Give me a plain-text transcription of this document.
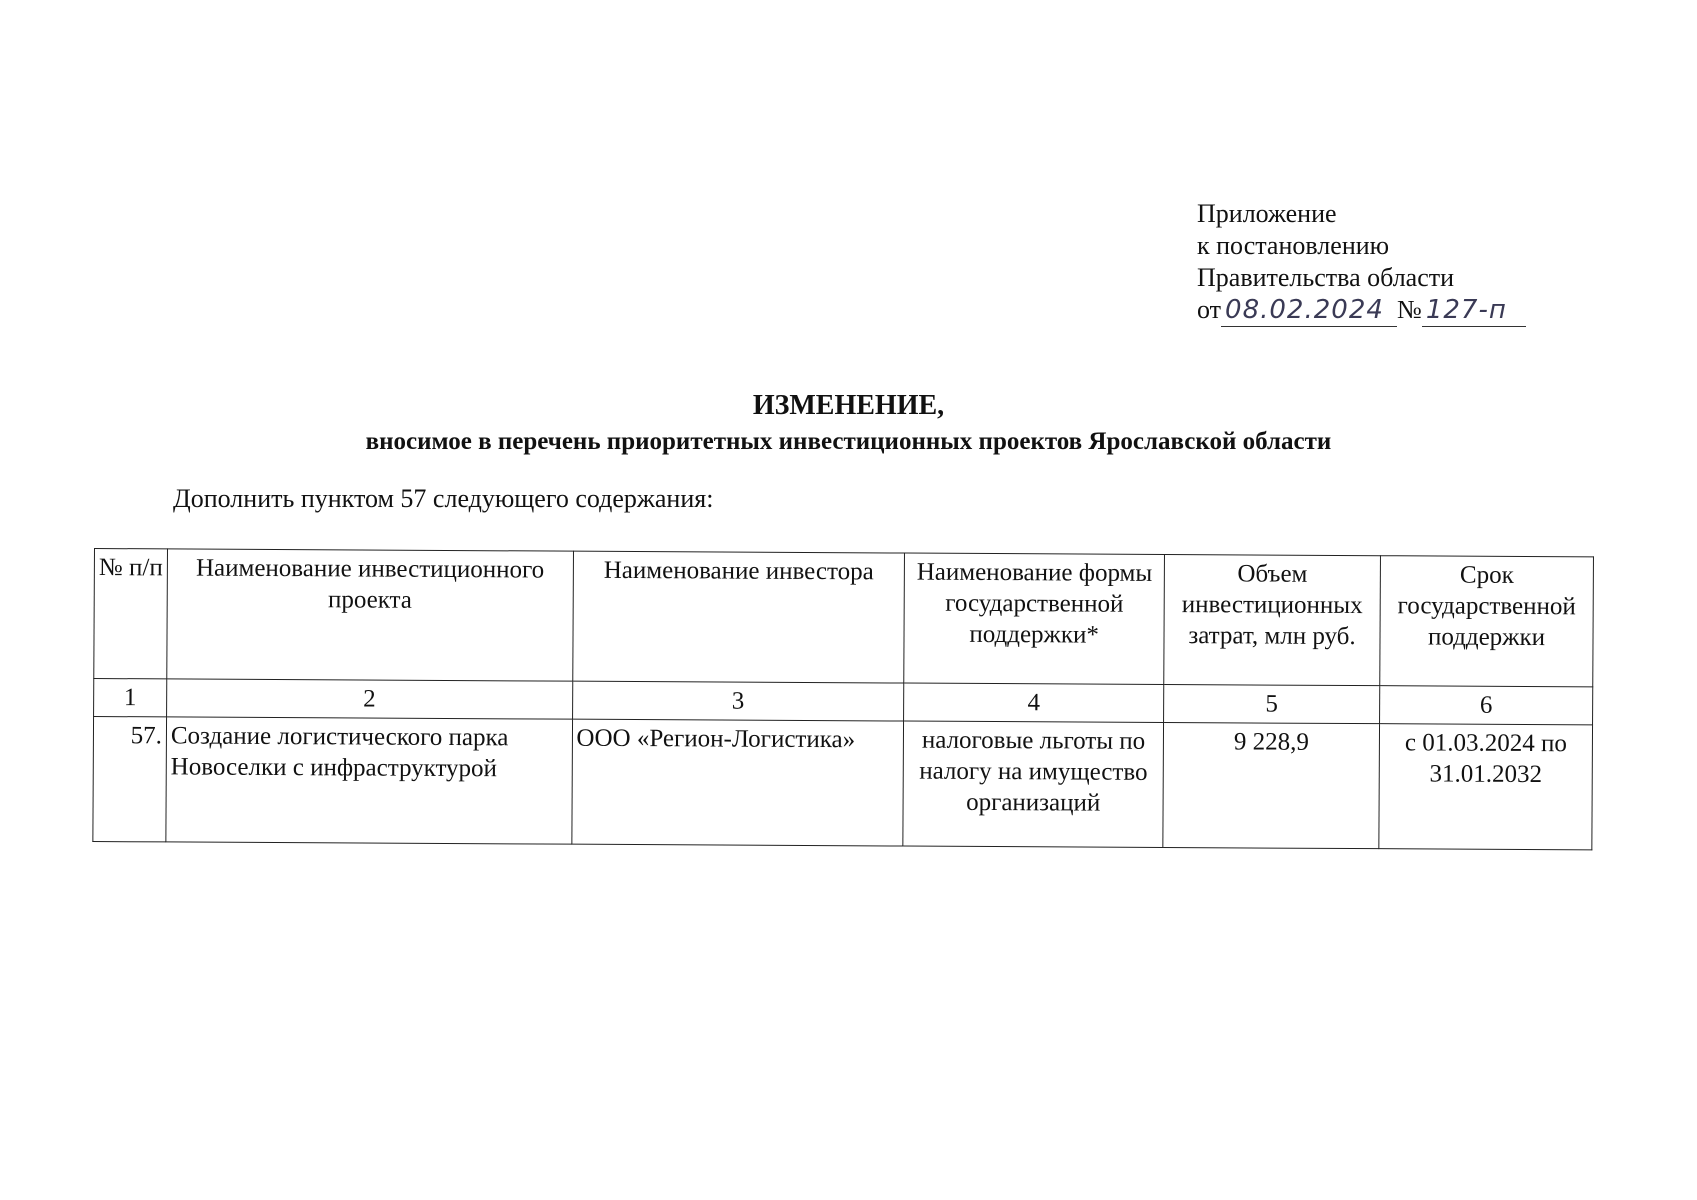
Приложение
к постановлению
Правительства области
от 08.02.2024 № 127-п
ИЗМЕНЕНИЕ,
вносимое в перечень приоритетных инвестиционных проектов Ярославской области
Дополнить пунктом 57 следующего содержания:
№ п/п	Наименование инвестиционного проекта	Наименование инвестора	Наименование формы государственной поддержки*	Объем инвестиционных затрат, млн руб.	Срок государственной поддержки
1	2	3	4	5	6
57.	Создание логистического парка Новоселки с инфраструктурой	ООО «Регион-Логистика»	налоговые льготы по налогу на имущество организаций	9 228,9	с 01.03.2024 по 31.01.2032
